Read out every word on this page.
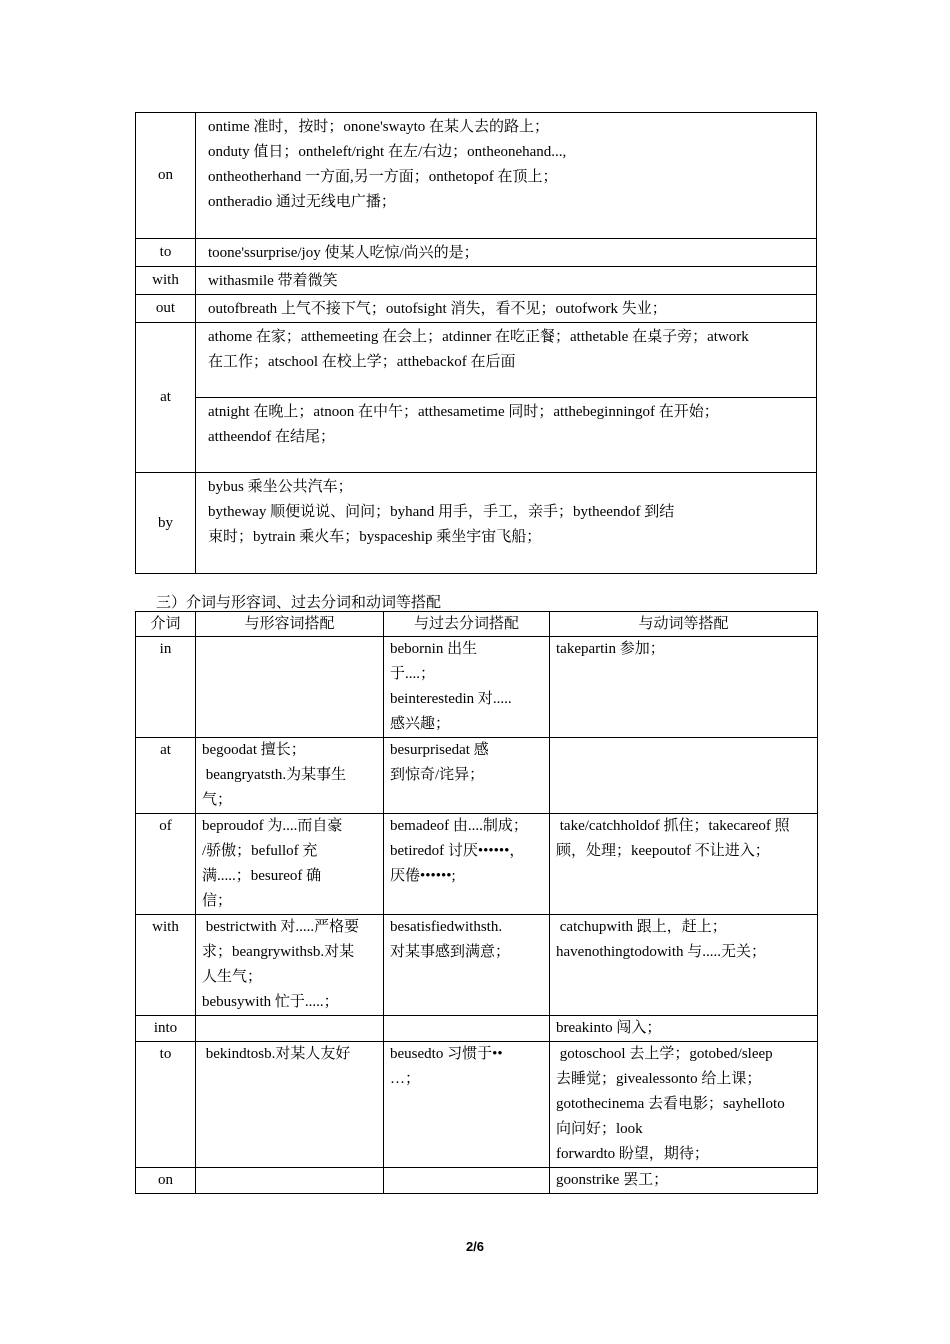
on	ontime 准时，按时；onone'swayto 在某人去的路上；
onduty 值日；ontheleft/right 在左/右边；ontheonehand...,
ontheotherhand 一方面,另一方面；onthetopof 在顶上；
ontheradio 通过无线电广播；

to	toone'ssurprise/joy 使某人吃惊/尚兴的是；

with	withasmile 带着微笑

out	outofbreath 上气不接下气；outofsight 消失，看不见；outofwork 失业；

at	athome 在家；atthemeeting 在会上；atdinner 在吃正餐；atthetable 在桌子旁；atwork
在工作；atschool 在校上学；atthebackof 在后面

	atnight 在晚上；atnoon 在中午；atthesametime 同时；atthebeginningof 在开始；
attheendof 在结尾；

by	bybus 乘坐公共汽车；
bytheway 顺便说说、问问；byhand 用手，手工，亲手；bytheendof 到结
束时；bytrain 乘火车；byspaceship 乘坐宇宙飞船；
三）介词与形容词、过去分词和动词等搭配
介词	与形容词搭配	与过去分词搭配	与动词等搭配
in		bebornin 出生
于....；
beinterestedin 对.....
感兴趣；	takepartin 参加；

at	begoodat 擅长；
beangryatsth.为某事生
气；	besurprisedat 感
到惊奇/诧异；	

of	beproudof 为....而自豪
/骄傲；befullof 充
满.....；besureof 确
信；	bemadeof 由....制成；
betiredof 讨厌••••••，
厌倦••••••;	take/catchholdof 抓住；takecareof 照
顾，处理；keepoutof 不让进入；

with	bestrictwith 对.....严格要
求；beangrywithsb.对某
人生气；
bebusywith 忙于.....；	besatisfiedwithsth.
对某事感到满意；	catchupwith 跟上，赶上；
havenothingtodowith 与.....无关；

into			breakinto 闯入；

to	bekindtosb.对某人友好	beusedto 习惯于••
…；	gotoschool 去上学；gotobed/sleep
去睡觉；givealessonto 给上课；
gotothecinema 去看电影；sayhelloto
向问好；look
forwardto 盼望，期待；

on			goonstrike 罢工；
2/6
